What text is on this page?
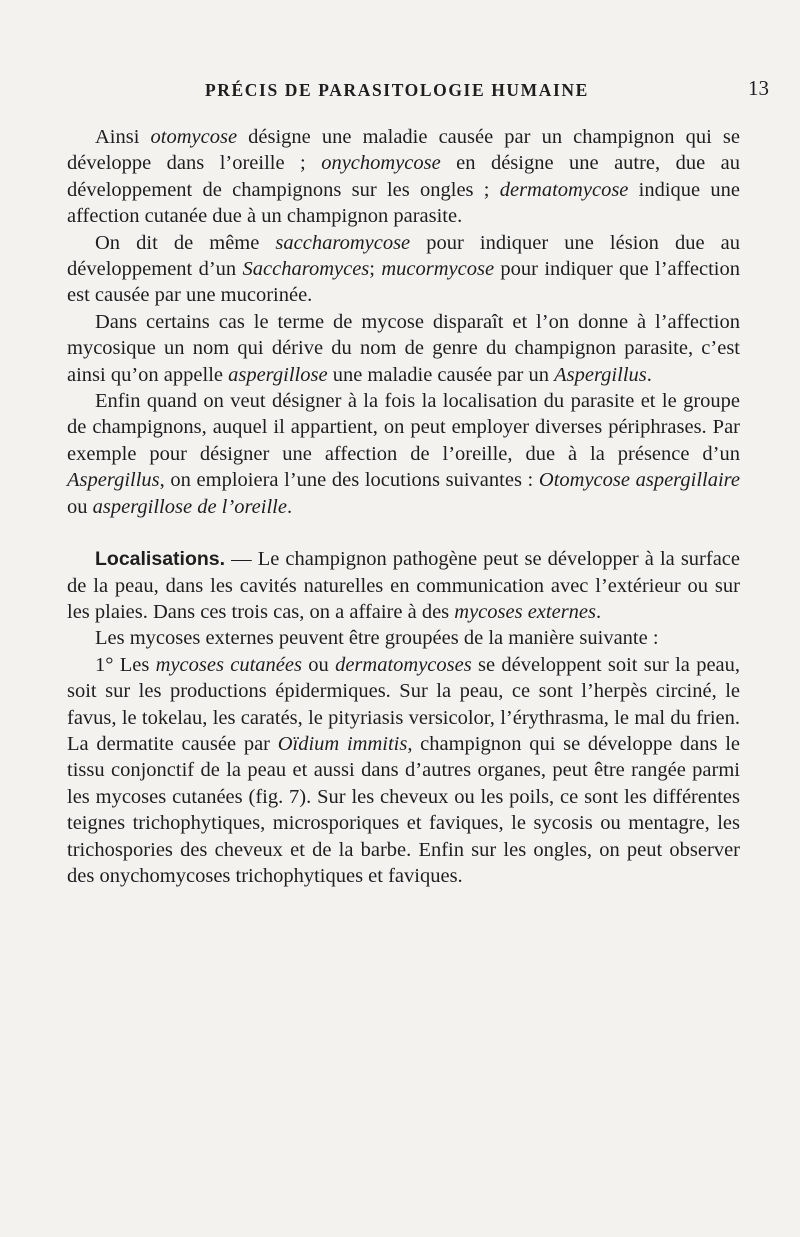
PRÉCIS DE PARASITOLOGIE HUMAINE	13

Ainsi otomycose désigne une maladie causée par un champignon qui se développe dans l’oreille ; onychomycose en désigne une autre, due au développement de champignons sur les ongles ; dermatomycose indique une affection cutanée due à un champignon parasite.

On dit de même saccharomycose pour indiquer une lésion due au développement d’un Saccharomyces; mucormycose pour indiquer que l’affection est causée par une mucorinée.

Dans certains cas le terme de mycose disparaît et l’on donne à l’affection mycosique un nom qui dérive du nom de genre du champignon parasite, c’est ainsi qu’on appelle aspergillose une maladie causée par un Aspergillus.

Enfin quand on veut désigner à la fois la localisation du parasite et le groupe de champignons, auquel il appartient, on peut employer diverses périphrases. Par exemple pour désigner une affection de l’oreille, due à la présence d’un Aspergillus, on emploiera l’une des locutions suivantes : Otomycose aspergillaire ou aspergillose de l’oreille.

Localisations. — Le champignon pathogène peut se développer à la surface de la peau, dans les cavités naturelles en communication avec l’extérieur ou sur les plaies. Dans ces trois cas, on a affaire à des mycoses externes.

Les mycoses externes peuvent être groupées de la manière suivante :

1° Les mycoses cutanées ou dermatomycoses se développent soit sur la peau, soit sur les productions épidermiques. Sur la peau, ce sont l’herpès circiné, le favus, le tokelau, les caratés, le pityriasis versicolor, l’érythrasma, le mal du frien. La dermatite causée par Oïdium immitis, champignon qui se développe dans le tissu conjonctif de la peau et aussi dans d’autres organes, peut être rangée parmi les mycoses cutanées (fig. 7). Sur les cheveux ou les poils, ce sont les différentes teignes trichophytiques, microsporiques et faviques, le sycosis ou mentagre, les trichospories des cheveux et de la barbe. Enfin sur les ongles, on peut observer des onychomycoses trichophytiques et faviques.
